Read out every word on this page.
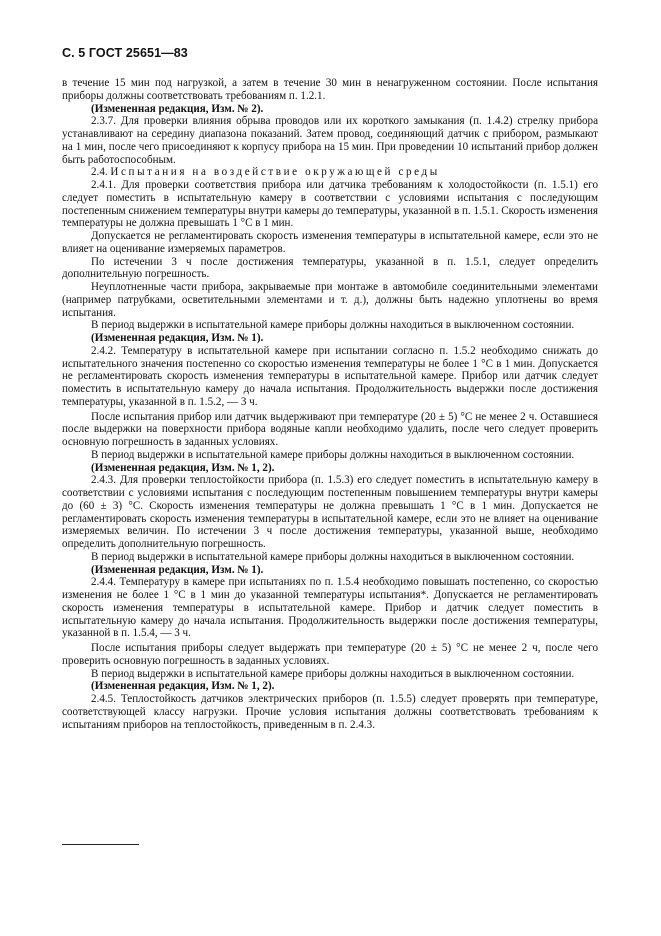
С. 5 ГОСТ 25651—83

в течение 15 мин под нагрузкой, а затем в течение 30 мин в ненагруженном состоянии. После испытания приборы должны соответствовать требованиям п. 1.2.1.

(Измененная редакция, Изм. № 2).

2.3.7. Для проверки влияния обрыва проводов или их короткого замыкания (п. 1.4.2) стрелку прибора устанавливают на середину диапазона показаний. Затем провод, соединяющий датчик с прибором, размыкают на 1 мин, после чего присоединяют к корпусу прибора на 15 мин. При проведении 10 испытаний прибор должен быть работоспособным.

2.4. Испытания на воздействие окружающей среды

2.4.1. Для проверки соответствия прибора или датчика требованиям к холодостойкости (п. 1.5.1) его следует поместить в испытательную камеру в соответствии с условиями испытания с последующим постепенным снижением температуры внутри камеры до температуры, указанной в п. 1.5.1. Скорость изменения температуры не должна превышать 1 °С в 1 мин.

Допускается не регламентировать скорость изменения температуры в испытательной камере, если это не влияет на оценивание измеряемых параметров.

По истечении 3 ч после достижения температуры, указанной в п. 1.5.1, следует определить дополнительную погрешность.

Неуплотненные части прибора, закрываемые при монтаже в автомобиле соединительными элементами (например патрубками, осветительными элементами и т. д.), должны быть надежно уплотнены во время испытания.

В период выдержки в испытательной камере приборы должны находиться в выключенном состоянии.

(Измененная редакция, Изм. № 1).

2.4.2. Температуру в испытательной камере при испытании согласно п. 1.5.2 необходимо снижать до испытательного значения постепенно со скоростью изменения температуры не более 1 °С в 1 мин. Допускается не регламентировать скорость изменения температуры в испытательной камере. Прибор или датчик следует поместить в испытательную камеру до начала испытания. Продолжительность выдержки после достижения температуры, указанной в п. 1.5.2, — 3 ч.

После испытания прибор или датчик выдерживают при температуре (20 ± 5) °С не менее 2 ч. Оставшиеся после выдержки на поверхности прибора водяные капли необходимо удалить, после чего следует проверить основную погрешность в заданных условиях.

В период выдержки в испытательной камере приборы должны находиться в выключенном состоянии.

(Измененная редакция, Изм. № 1, 2).

2.4.3. Для проверки теплостойкости прибора (п. 1.5.3) его следует поместить в испытательную камеру в соответствии с условиями испытания с последующим постепенным повышением температуры внутри камеры до (60 ± 3) °С. Скорость изменения температуры не должна превышать 1 °С в 1 мин. Допускается не регламентировать скорость изменения температуры в испытательной камере, если это не влияет на оценивание измеряемых величин. По истечении 3 ч после достижения температуры, указанной выше, необходимо определить дополнительную погрешность.

В период выдержки в испытательной камере приборы должны находиться в выключенном состоянии.

(Измененная редакция, Изм. № 1).

2.4.4. Температуру в камере при испытаниях по п. 1.5.4 необходимо повышать постепенно, со скоростью изменения не более 1 °С в 1 мин до указанной температуры испытания*. Допускается не регламентировать скорость изменения температуры в испытательной камере. Прибор и датчик следует поместить в испытательную камеру до начала испытания. Продолжительность выдержки после достижения температуры, указанной в п. 1.5.4, — 3 ч.

После испытания приборы следует выдержать при температуре (20 ± 5) °С не менее 2 ч, после чего проверить основную погрешность в заданных условиях.

В период выдержки в испытательной камере приборы должны находиться в выключенном состоянии.

(Измененная редакция, Изм. № 1, 2).

2.4.5. Теплостойкость датчиков электрических приборов (п. 1.5.5) следует проверять при температуре, соответствующей классу нагрузки. Прочие условия испытания должны соответствовать требованиям к испытаниям приборов на теплостойкость, приведенным в п. 2.4.3.
